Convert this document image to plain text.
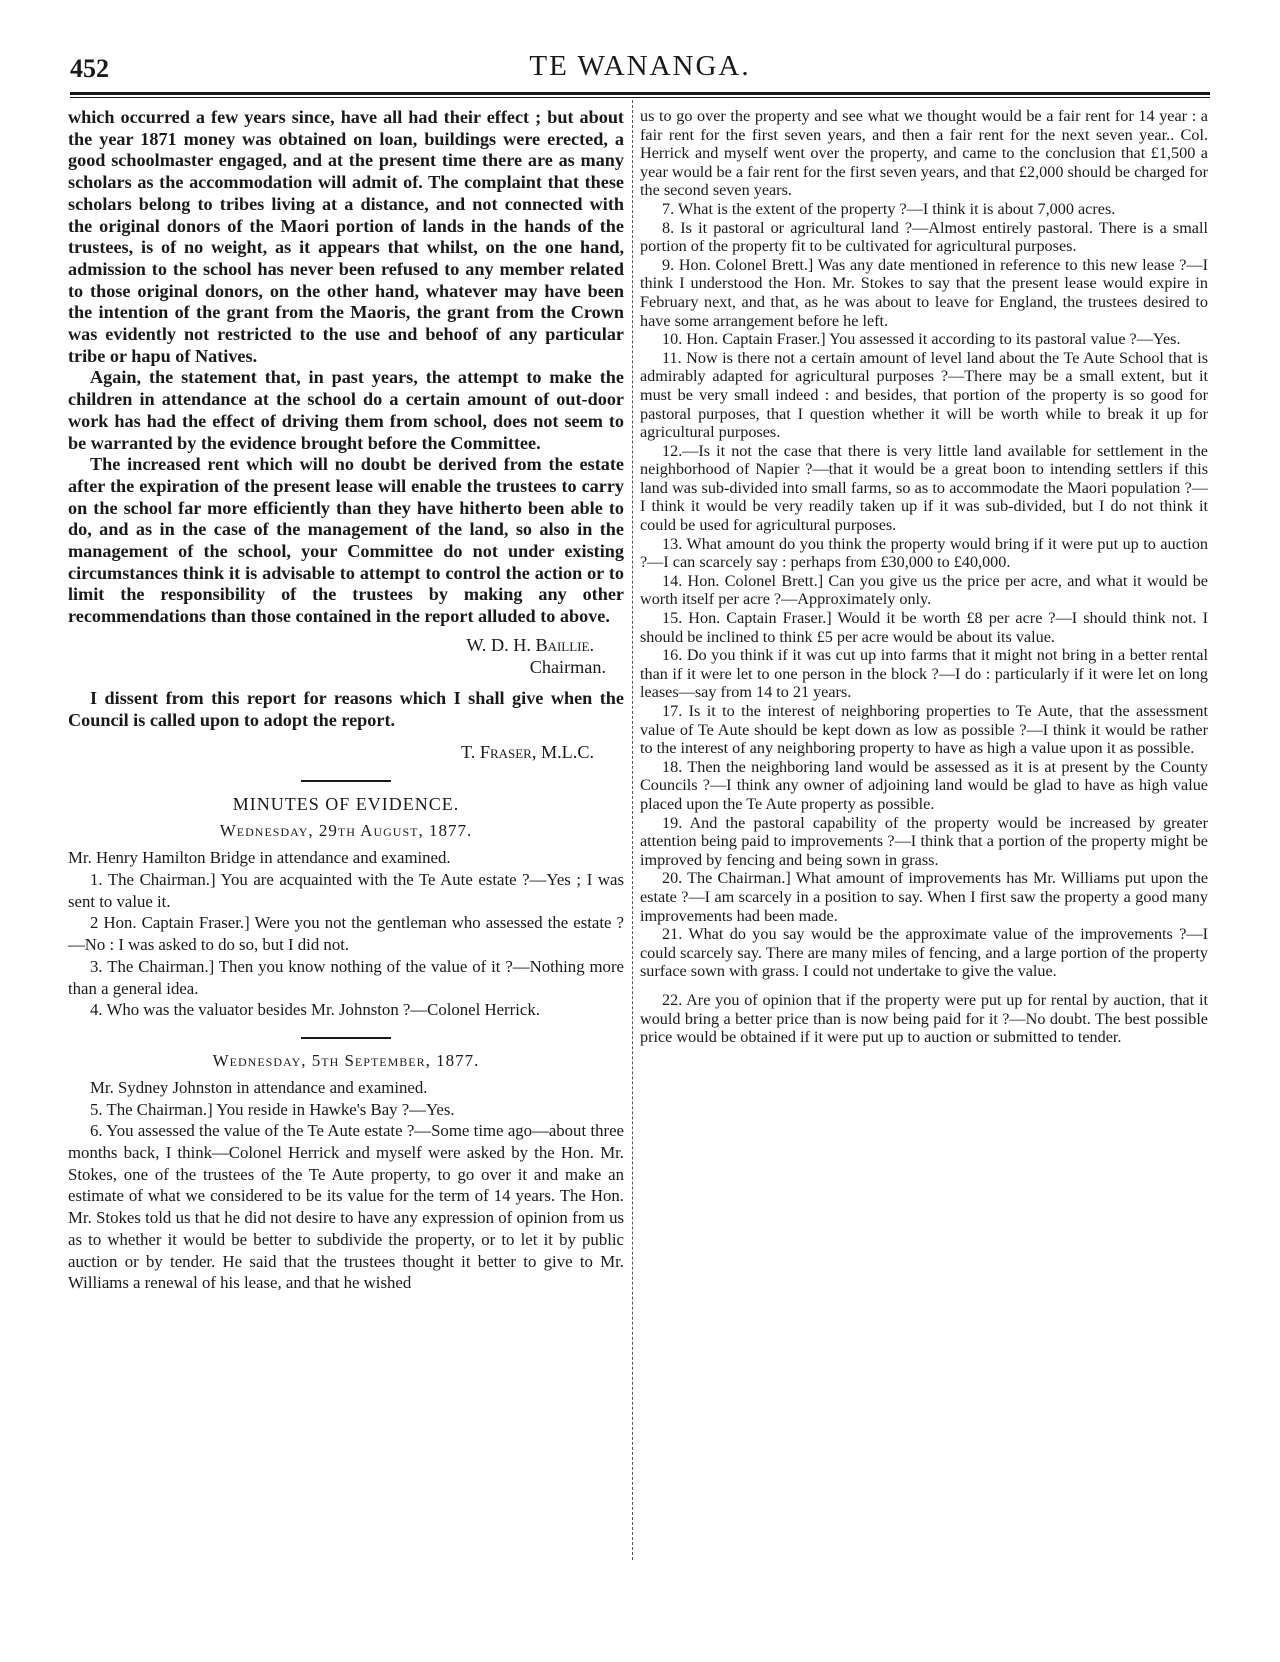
452	TE WANANGA.

which occurred a few years since, have all had their effect ; but about the year 1871 money was obtained on loan, buildings were erected, a good schoolmaster engaged, and at the present time there are as many scholars as the accommodation will admit of. The complaint that these scholars belong to tribes living at a distance, and not connected with the original donors of the Maori portion of lands in the hands of the trustees, is of no weight, as it appears that whilst, on the one hand, admission to the school has never been refused to any member related to those original donors, on the other hand, whatever may have been the intention of the grant from the Maoris, the grant from the Crown was evidently not restricted to the use and behoof of any particular tribe or hapu of Natives.

Again, the statement that, in past years, the attempt to make the children in attendance at the school do a certain amount of out-door work has had the effect of driving them from school, does not seem to be warranted by the evidence brought before the Committee.

The increased rent which will no doubt be derived from the estate after the expiration of the present lease will enable the trustees to carry on the school far more efficiently than they have hitherto been able to do, and as in the case of the management of the land, so also in the management of the school, your Committee do not under existing circumstances think it is advisable to attempt to control the action or to limit the responsibility of the trustees by making any other recommendations than those contained in the report alluded to above.

W. D. H. Baillie.

Chairman.

I dissent from this report for reasons which I shall give when the Council is called upon to adopt the report.

T. Fraser, M.L.C.

MINUTES OF EVIDENCE.

Wednesday, 29th August, 1877.

Mr. Henry Hamilton Bridge in attendance and examined.

1. The Chairman.] You are acquainted with the Te Aute estate ?—Yes ; I was sent to value it.

2 Hon. Captain Fraser.] Were you not the gentleman who assessed the estate ?—No : I was asked to do so, but I did not.

3. The Chairman.] Then you know nothing of the value of it ?—Nothing more than a general idea.

4. Who was the valuator besides Mr. Johnston ?—Colonel Herrick.

Wednesday, 5th September, 1877.

Mr. Sydney Johnston in attendance and examined.

5. The Chairman.] You reside in Hawke's Bay ?—Yes.

6. You assessed the value of the Te Aute estate ?—Some time ago—about three months back, I think—Colonel Herrick and myself were asked by the Hon. Mr. Stokes, one of the trustees of the Te Aute property, to go over it and make an estimate of what we considered to be its value for the term of 14 years. The Hon. Mr. Stokes told us that he did not desire to have any expression of opinion from us as to whether it would be better to subdivide the property, or to let it by public auction or by tender. He said that the trustees thought it better to give to Mr. Williams a renewal of his lease, and that he wished

us to go over the property and see what we thought would be a fair rent for 14 year : a fair rent for the first seven years, and then a fair rent for the next seven year.. Col. Herrick and myself went over the property, and came to the conclusion that £1,500 a year would be a fair rent for the first seven years, and that £2,000 should be charged for the second seven years.

7. What is the extent of the property ?—I think it is about 7,000 acres.

8. Is it pastoral or agricultural land ?—Almost entirely pastoral. There is a small portion of the property fit to be cultivated for agricultural purposes.

9. Hon. Colonel Brett.] Was any date mentioned in reference to this new lease ?—I think I understood the Hon. Mr. Stokes to say that the present lease would expire in February next, and that, as he was about to leave for England, the trustees desired to have some arrangement before he left.

10. Hon. Captain Fraser.] You assessed it according to its pastoral value ?—Yes.

11. Now is there not a certain amount of level land about the Te Aute School that is admirably adapted for agricultural purposes ?—There may be a small extent, but it must be very small indeed : and besides, that portion of the property is so good for pastoral purposes, that I question whether it will be worth while to break it up for agricultural purposes.

12.—Is it not the case that there is very little land available for settlement in the neighborhood of Napier ?—that it would be a great boon to intending settlers if this land was sub-divided into small farms, so as to accommodate the Maori population ?—I think it would be very readily taken up if it was sub-divided, but I do not think it could be used for agricultural purposes.

13. What amount do you think the property would bring if it were put up to auction ?—I can scarcely say : perhaps from £30,000 to £40,000.

14. Hon. Colonel Brett.] Can you give us the price per acre, and what it would be worth itself per acre ?—Approximately only.

15. Hon. Captain Fraser.] Would it be worth £8 per acre ?—I should think not. I should be inclined to think £5 per acre would be about its value.

16. Do you think if it was cut up into farms that it might not bring in a better rental than if it were let to one person in the block ?—I do : particularly if it were let on long leases—say from 14 to 21 years.

17. Is it to the interest of neighboring properties to Te Aute, that the assessment value of Te Aute should be kept down as low as possible ?—I think it would be rather to the interest of any neighboring property to have as high a value upon it as possible.

18. Then the neighboring land would be assessed as it is at present by the County Councils ?—I think any owner of adjoining land would be glad to have as high value placed upon the Te Aute property as possible.

19. And the pastoral capability of the property would be increased by greater attention being paid to improvements ?—I think that a portion of the property might be improved by fencing and being sown in grass.

20. The Chairman.] What amount of improvements has Mr. Williams put upon the estate ?—I am scarcely in a position to say. When I first saw the property a good many improvements had been made.

21. What do you say would be the approximate value of the improvements ?—I could scarcely say. There are many miles of fencing, and a large portion of the property surface sown with grass. I could not undertake to give the value.

22. Are you of opinion that if the property were put up for rental by auction, that it would bring a better price than is now being paid for it ?—No doubt. The best possible price would be obtained if it were put up to auction or submitted to tender.
